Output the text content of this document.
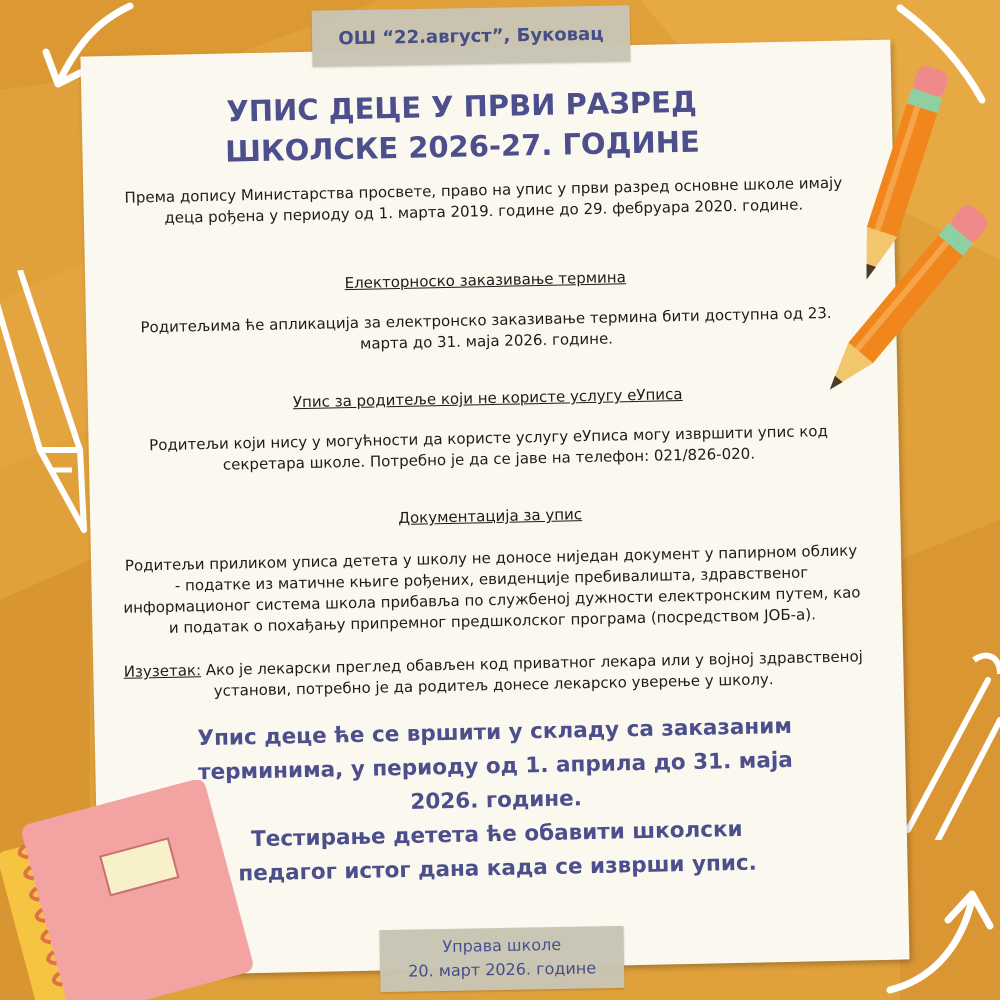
УПИС ДЕЦЕ У ПРВИ РАЗРЕД
ШКОЛСКЕ 2026-27. ГОДИНЕ
Према допису Министарства просвете, право на упис у први разред основне школе имају деца рођена у периоду од 1. марта 2019. године до 29. фебруара 2020. године.
Електорноско заказивање термина
Родитељима ће апликација за електронско заказивање термина бити доступна од 23. марта до 31. маја 2026. године.
Упис за родитеље који не користе услугу еУписа
Родитељи који нису у могућности да користе услугу еУписа могу извршити упис код секретара школе. Потребно је да се јаве на телефон: 021/826-020.
Документација за упис
Родитељи приликом уписа детета у школу не доносе ниједан документ у папирном облику - податке из матичне књиге рођених, евиденције пребивалишта, здравственог информационог система школа прибавља по службеној дужности електронским путем, као и податак о похађању припремног предшколског програма (посредством ЈОБ-а).
Изузетак: Ако је лекарски преглед обављен код приватног лекара или у војној здравственој установи, потребно је да родитељ донесе лекарско уверење у школу.
Упис деце ће се вршити у складу са заказаним
терминима, у периоду од 1. априла до 31. маја
2026. године.
Тестирање детета ће обавити школски
педагог истог дана када се изврши упис.
ОШ “22.август”, Буковац
Управа школе
20. март 2026. године
